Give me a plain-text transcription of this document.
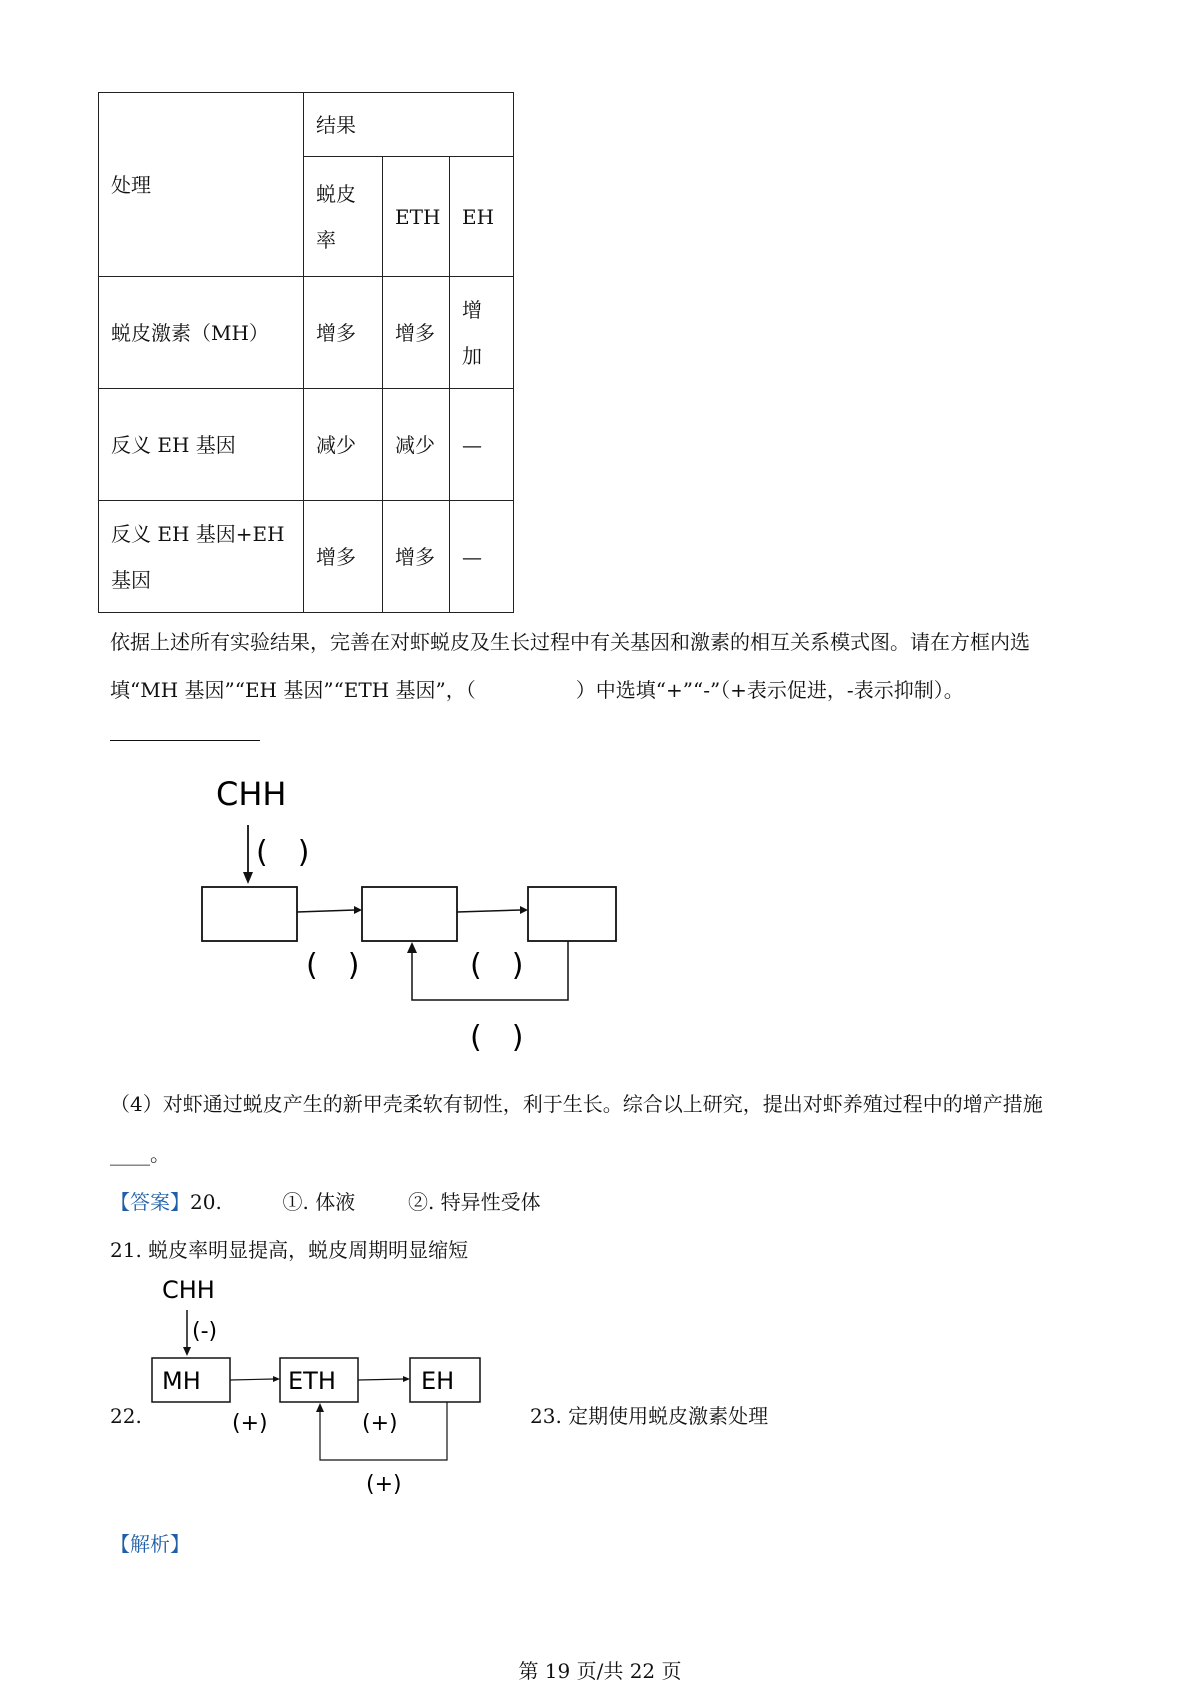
处理	结果		
	蜕皮率	ETH	EH
蜕皮激素（MH）	增多	增多	增加
反义 EH 基因	减少	减少	—
反义 EH 基因+EH 基因	增多	增多	—
依据上述所有实验结果，完善在对虾蜕皮及生长过程中有关基因和激素的相互关系模式图。请在方框内选
填“MH 基因”“EH 基因”“ETH 基因”，（　　　　　）中选填“+”“-”（+表示促进，-表示抑制）。
CHH
(　)
(　)	(　)
(　)
（4）对虾通过蜕皮产生的新甲壳柔软有韧性，利于生长。综合以上研究，提出对虾养殖过程中的增产措施
____。
【答案】20.	①. 体液	②. 特异性受体
21. 蜕皮率明显提高，蜕皮周期明显缩短
22.
CHH
(-)
MH	ETH	EH
(+)	(+)
(+)
23. 定期使用蜕皮激素处理
【解析】
第 19 页/共 22 页
